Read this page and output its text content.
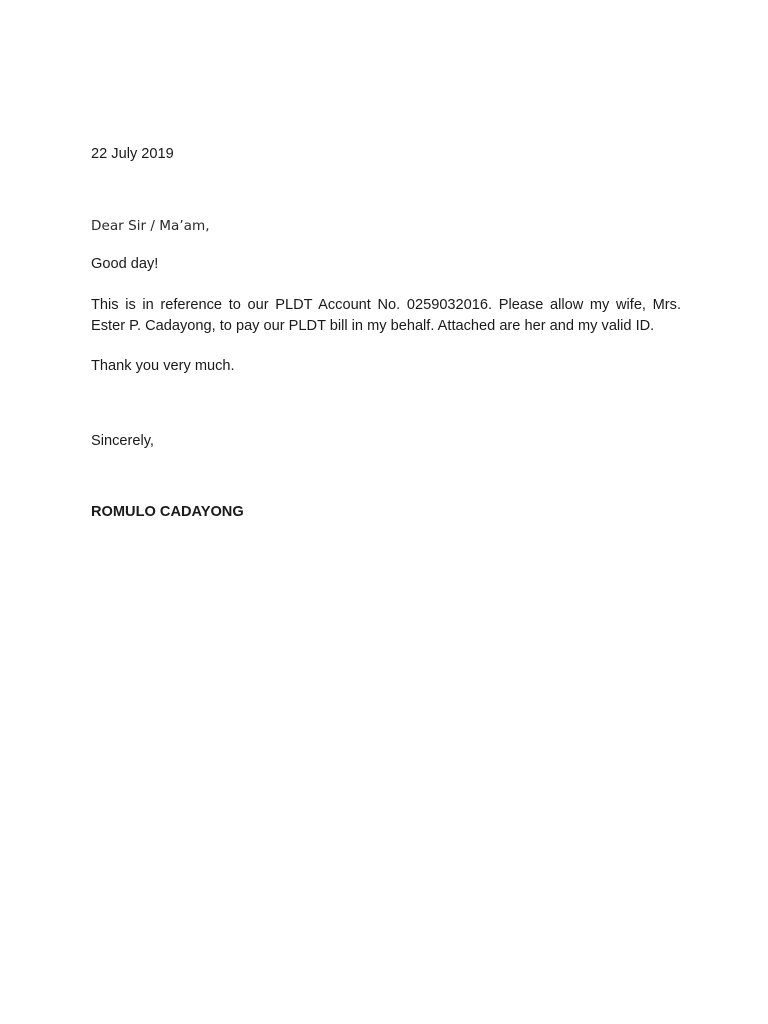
22 July 2019

Dear Sir / Ma’am,

Good day!

This is in reference to our PLDT Account No. 0259032016. Please allow my wife, Mrs. Ester P. Cadayong, to pay our PLDT bill in my behalf. Attached are her and my valid ID.

Thank you very much.

Sincerely,

ROMULO CADAYONG
